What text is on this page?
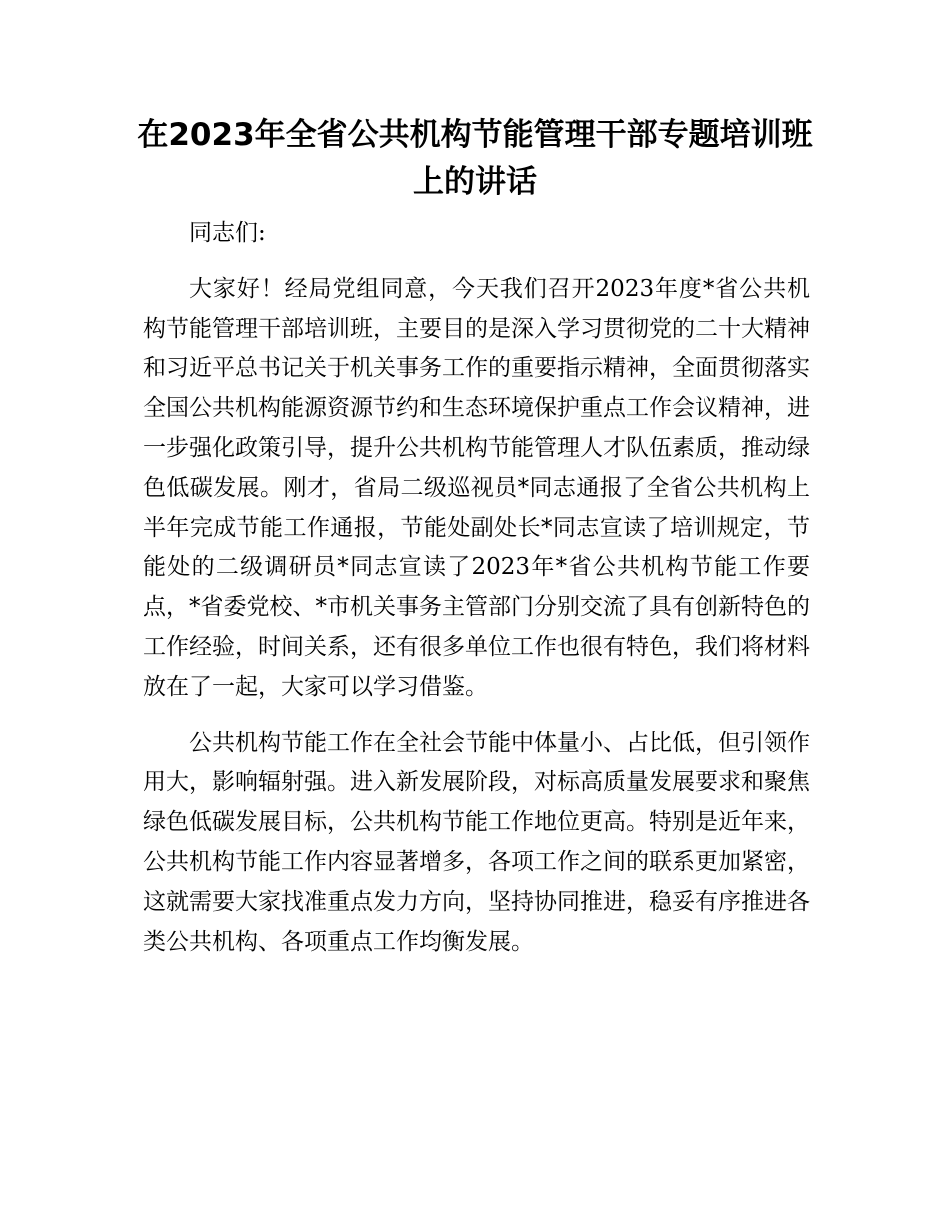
在2023年全省公共机构节能管理干部专题培训班上的讲话

同志们:

大家好！经局党组同意，今天我们召开2023年度*省公共机构节能管理干部培训班，主要目的是深入学习贯彻党的二十大精神和习近平总书记关于机关事务工作的重要指示精神，全面贯彻落实全国公共机构能源资源节约和生态环境保护重点工作会议精神，进一步强化政策引导，提升公共机构节能管理人才队伍素质，推动绿色低碳发展。刚才，省局二级巡视员*同志通报了全省公共机构上半年完成节能工作通报，节能处副处长*同志宣读了培训规定，节能处的二级调研员*同志宣读了2023年*省公共机构节能工作要点，*省委党校、*市机关事务主管部门分别交流了具有创新特色的工作经验，时间关系，还有很多单位工作也很有特色，我们将材料放在了一起，大家可以学习借鉴。

公共机构节能工作在全社会节能中体量小、占比低，但引领作用大，影响辐射强。进入新发展阶段，对标高质量发展要求和聚焦绿色低碳发展目标，公共机构节能工作地位更高。特别是近年来，公共机构节能工作内容显著增多，各项工作之间的联系更加紧密，这就需要大家找准重点发力方向，坚持协同推进，稳妥有序推进各类公共机构、各项重点工作均衡发展。
